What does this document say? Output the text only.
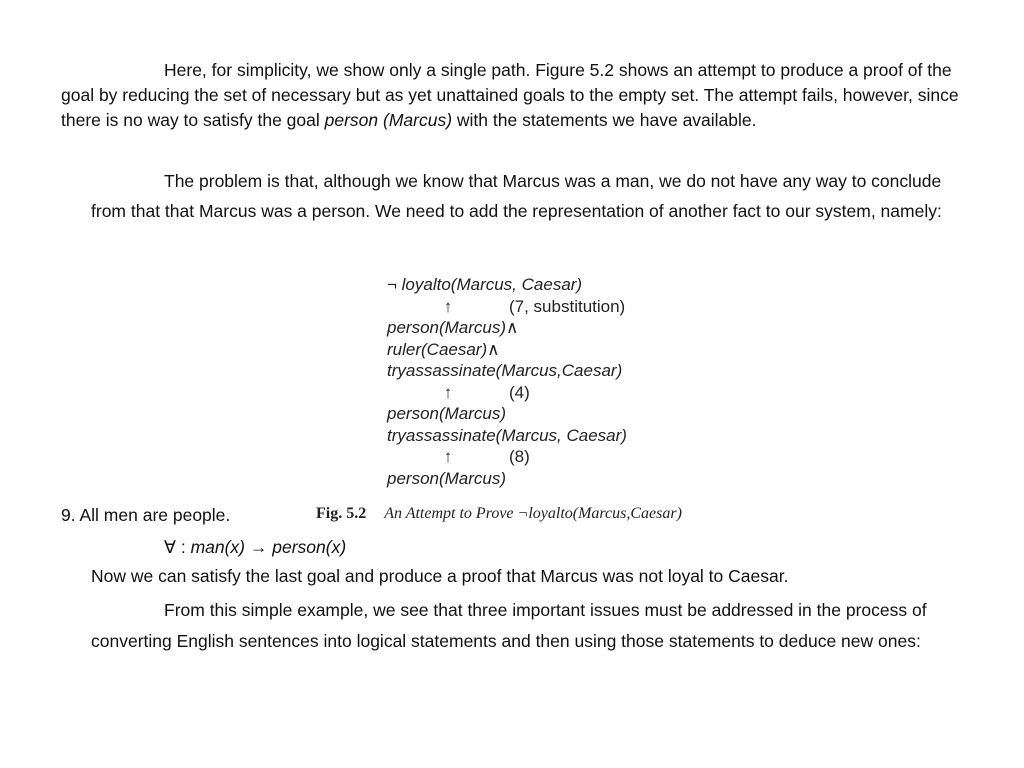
Here, for simplicity, we show only a single path. Figure 5.2 shows an attempt to produce a proof of the goal by reducing the set of necessary but as yet unattained goals to the empty set. The attempt fails, however, since there is no way to satisfy the goal person (Marcus) with the statements we have available.
The problem is that, although we know that Marcus was a man, we do not have any way to conclude from that that Marcus was a person. We need to add the representation of another fact to our system, namely:
¬ loyalto(Marcus, Caesar)
↑	(7, substitution)
person(Marcus)∧
ruler(Caesar)∧
tryassassinate(Marcus,Caesar)
↑	(4)
person(Marcus)
tryassassinate(Marcus, Caesar)
↑	(8)
person(Marcus)
Fig. 5.2 An Attempt to Prove ¬loyalto(Marcus,Caesar)
9. All men are people.
∀ : man(x) → person(x)
Now we can satisfy the last goal and produce a proof that Marcus was not loyal to Caesar.
From this simple example, we see that three important issues must be addressed in the process of converting English sentences into logical statements and then using those statements to deduce new ones:
